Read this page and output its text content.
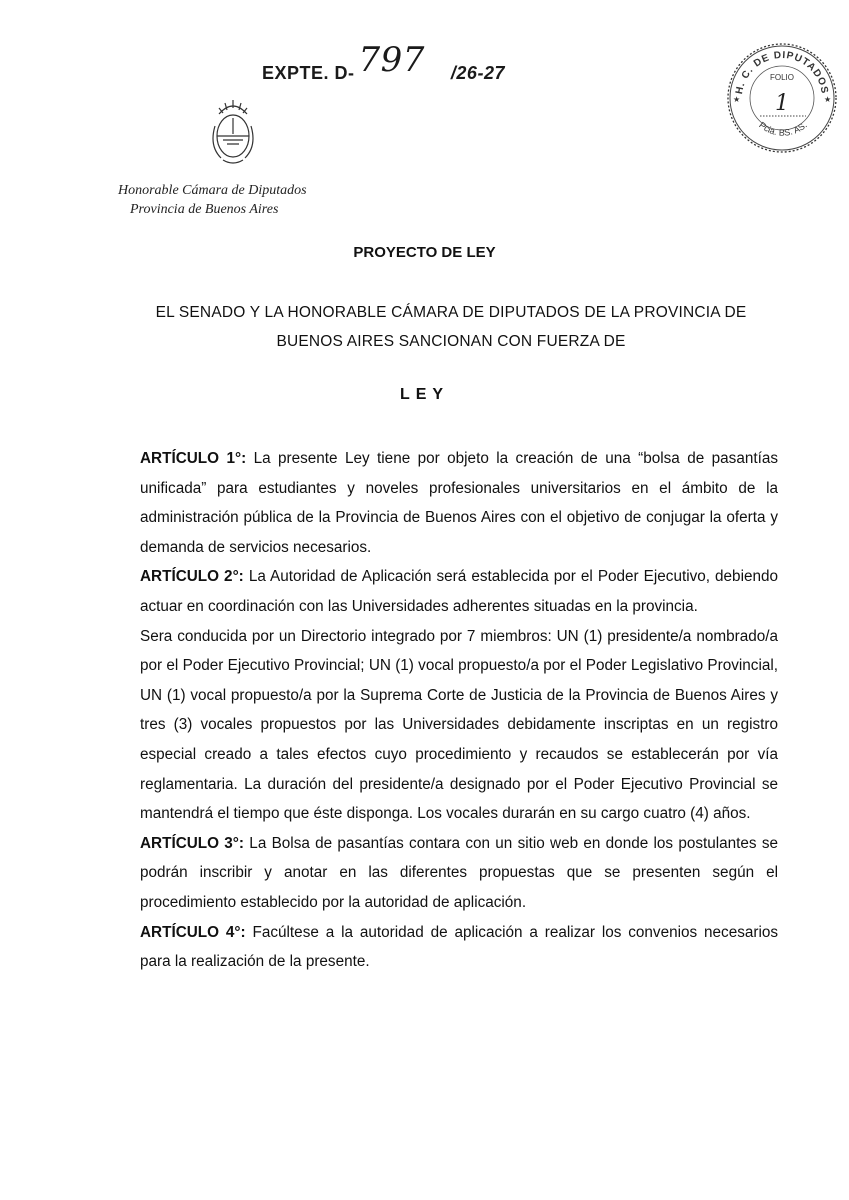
EXPTE. D- 797 /26-27
Honorable Cámara de Diputados
Provincia de Buenos Aires
H. C. DE DIPUTADOS
Pcia. BS. AS.
FOLIO
1
★	★
PROYECTO DE LEY
EL SENADO Y LA HONORABLE CÁMARA DE DIPUTADOS DE LA PROVINCIA DE
BUENOS AIRES SANCIONAN CON FUERZA DE
LEY

ARTÍCULO 1°: La presente Ley tiene por objeto la creación de una “bolsa de pasantías unificada” para estudiantes y noveles profesionales universitarios en el ámbito de la administración pública de la Provincia de Buenos Aires con el objetivo de conjugar la oferta y demanda de servicios necesarios.

ARTÍCULO 2°: La Autoridad de Aplicación será establecida por el Poder Ejecutivo, debiendo actuar en coordinación con las Universidades adherentes situadas en la provincia.

Sera conducida por un Directorio integrado por 7 miembros: UN (1) presidente/a nombrado/a por el Poder Ejecutivo Provincial; UN (1) vocal propuesto/a por el Poder Legislativo Provincial, UN (1) vocal propuesto/a por la Suprema Corte de Justicia de la Provincia de Buenos Aires y tres (3) vocales propuestos por las Universidades debidamente inscriptas en un registro especial creado a tales efectos cuyo procedimiento y recaudos se establecerán por vía reglamentaria. La duración del presidente/a designado por el Poder Ejecutivo Provincial se mantendrá el tiempo que éste disponga. Los vocales durarán en su cargo cuatro (4) años.

ARTÍCULO 3°: La Bolsa de pasantías contara con un sitio web en donde los postulantes se podrán inscribir y anotar en las diferentes propuestas que se presenten según el procedimiento establecido por la autoridad de aplicación.

ARTÍCULO 4°: Facúltese a la autoridad de aplicación a realizar los convenios necesarios para la realización de la presente.
